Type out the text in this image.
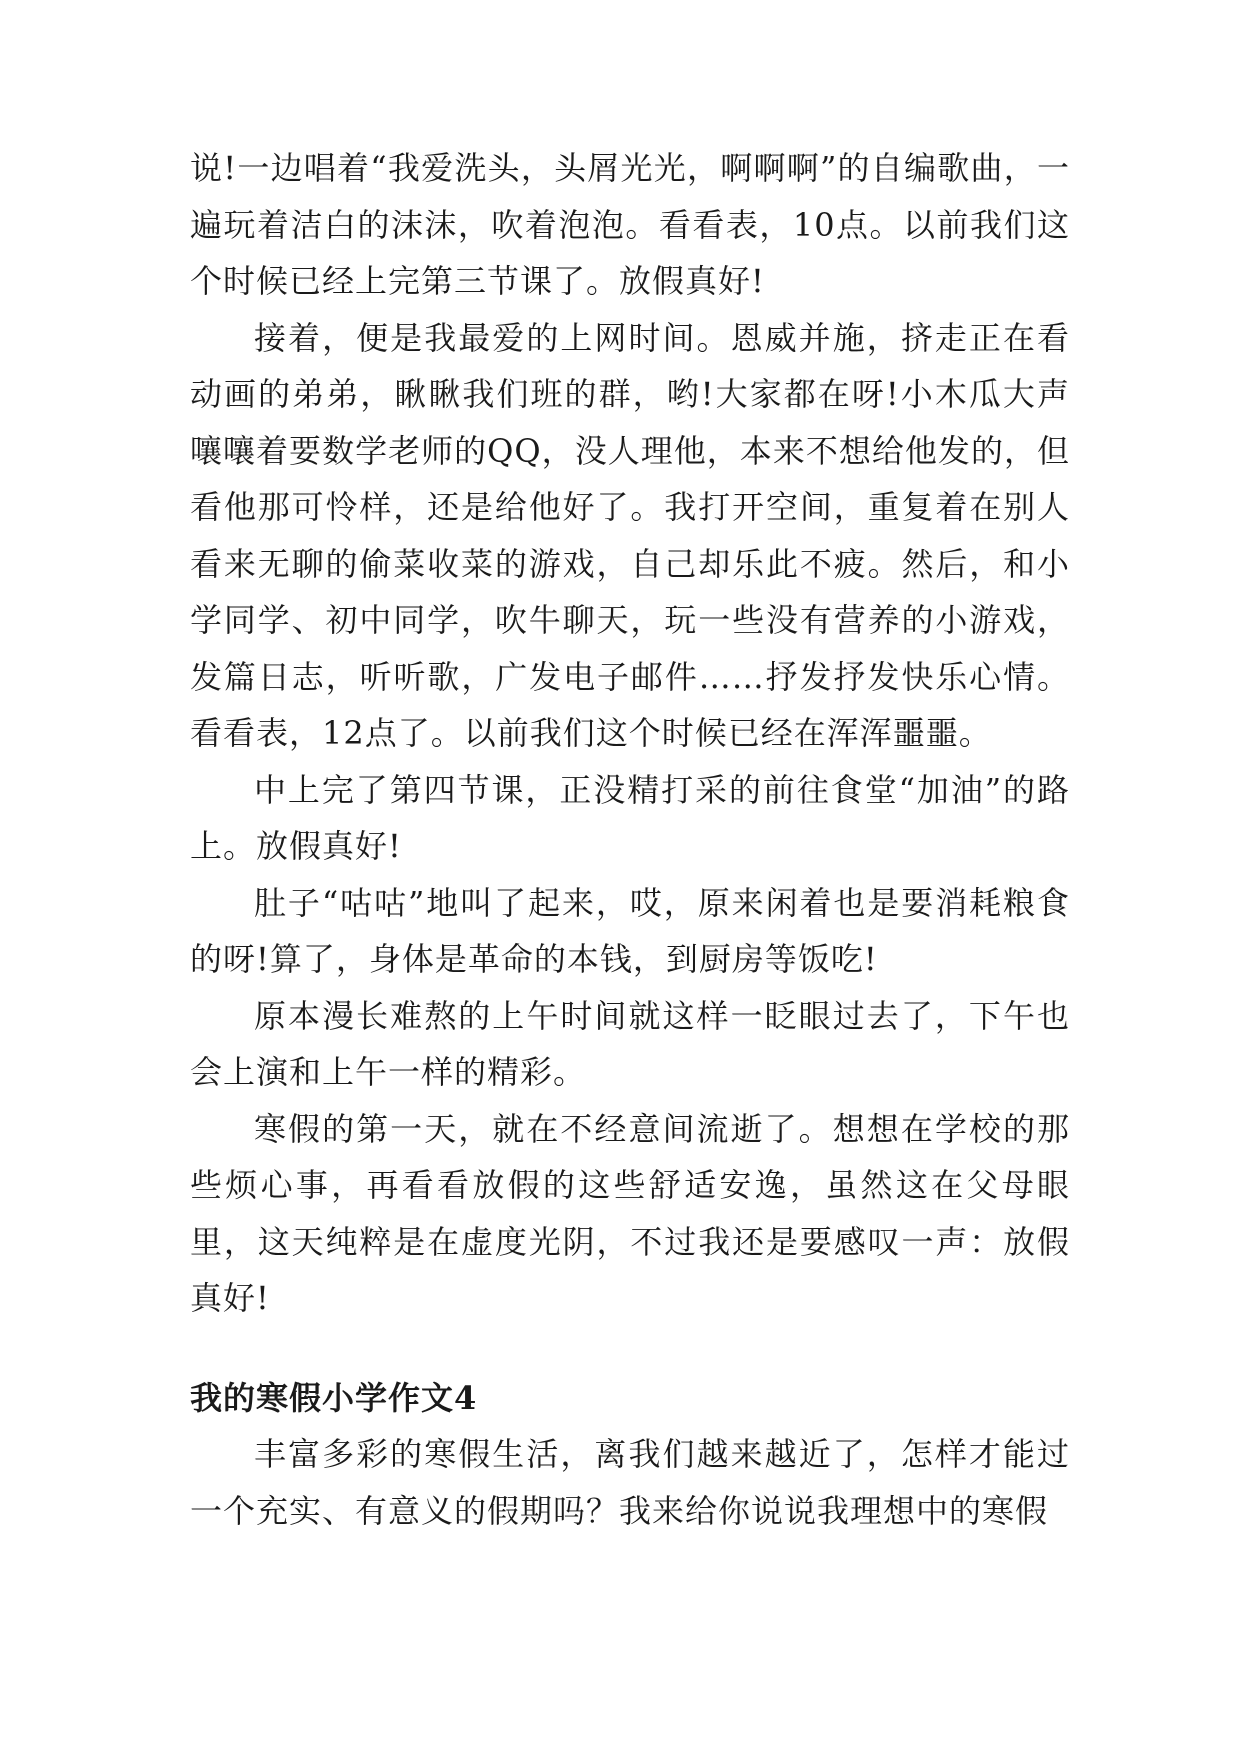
说!一边唱着“我爱洗头，头屑光光，啊啊啊”的自编歌曲，一遍玩着洁白的沫沫，吹着泡泡。看看表，10点。以前我们这个时候已经上完第三节课了。放假真好!

接着，便是我最爱的上网时间。恩威并施，挤走正在看动画的弟弟，瞅瞅我们班的群，哟!大家都在呀!小木瓜大声嚷嚷着要数学老师的QQ，没人理他，本来不想给他发的，但看他那可怜样，还是给他好了。我打开空间，重复着在别人看来无聊的偷菜收菜的游戏，自己却乐此不疲。然后，和小学同学、初中同学，吹牛聊天，玩一些没有营养的小游戏，发篇日志，听听歌，广发电子邮件……抒发抒发快乐心情。看看表，12点了。以前我们这个时候已经在浑浑噩噩。

中上完了第四节课，正没精打采的前往食堂“加油”的路上。放假真好!

肚子“咕咕”地叫了起来，哎，原来闲着也是要消耗粮食的呀!算了，身体是革命的本钱，到厨房等饭吃!

原本漫长难熬的上午时间就这样一眨眼过去了，下午也会上演和上午一样的精彩。

寒假的第一天，就在不经意间流逝了。想想在学校的那些烦心事，再看看放假的这些舒适安逸，虽然这在父母眼里，这天纯粹是在虚度光阴，不过我还是要感叹一声：放假真好!

我的寒假小学作文4

丰富多彩的寒假生活，离我们越来越近了，怎样才能过一个充实、有意义的假期吗？我来给你说说我理想中的寒假
